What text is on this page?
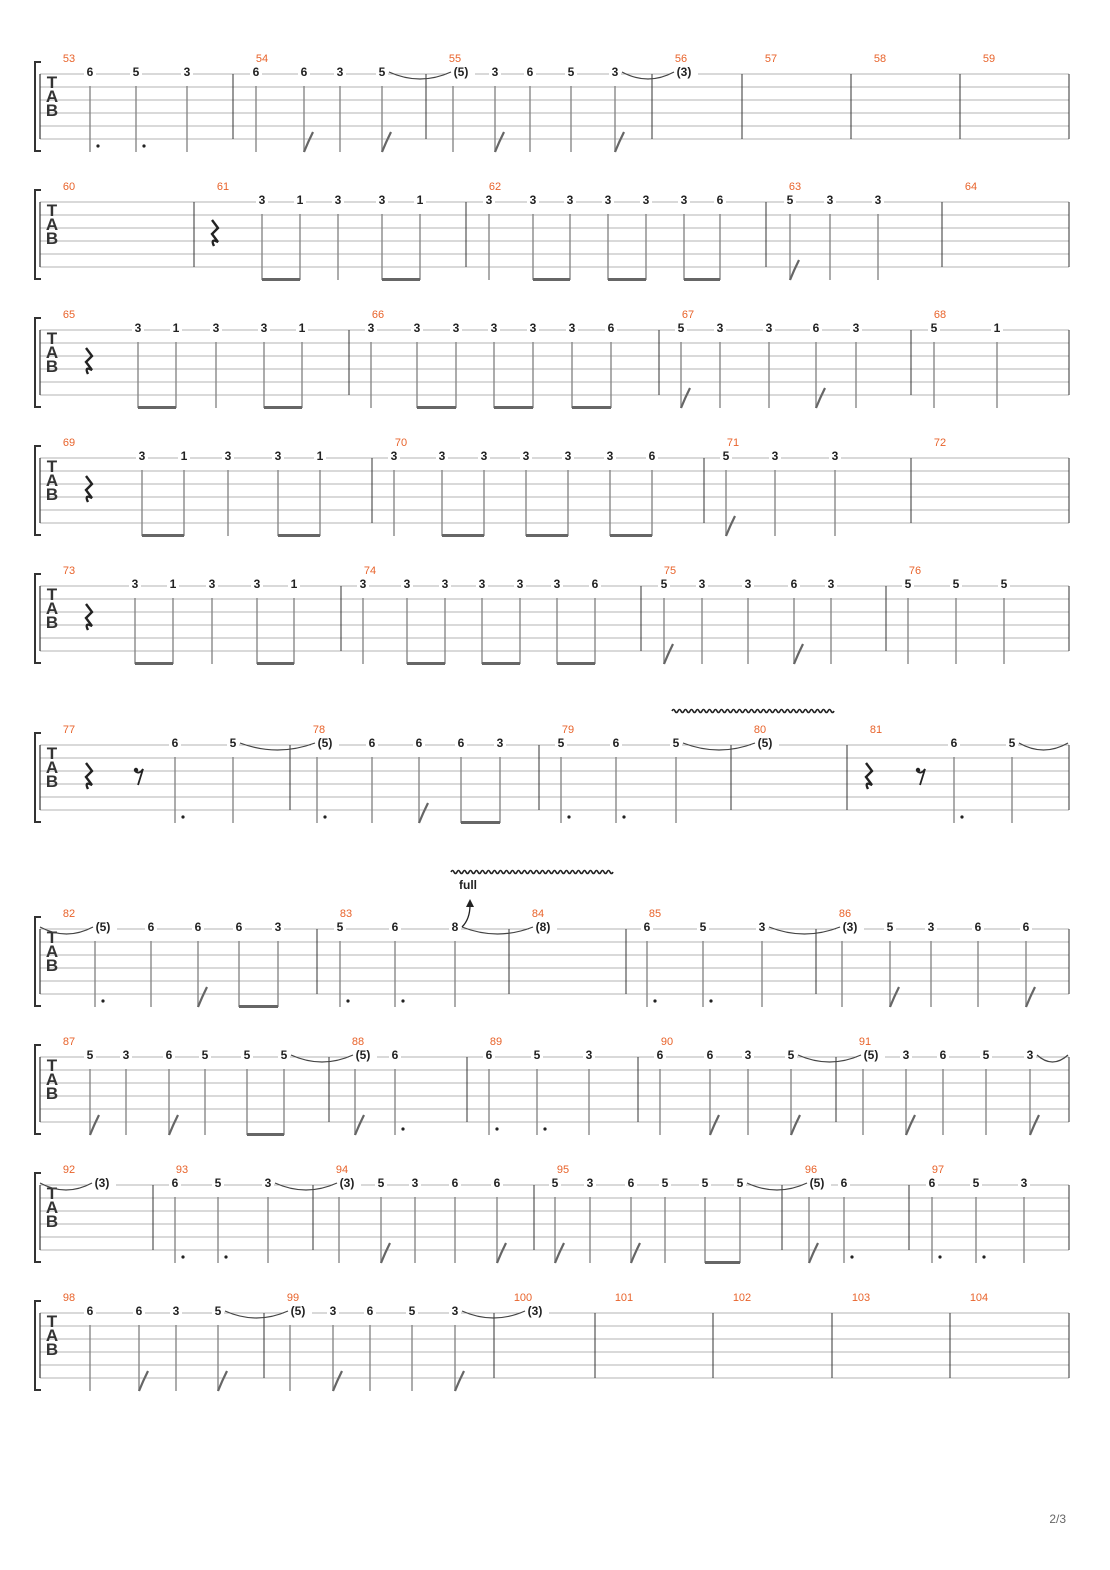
T
A
B
53
6	5	3
54
6	6 3	5
55
(5) 3 6	5	3
56
(3)
57	58	59
T
A
B
60	61
3	1	3	3	1
62
3	3	3	3	3	3 6
63
5	3	3
64
T
A
B
65
3	1	3	3	1
66
3	3	3	3	3	3	6
67
5	3	3	6	3
68
5	1
T
A
B
69
3	1	3	3	1
70
3	3	3	3	3	3	6
71
5	3	3
72
T
A
B
73
3	1	3	3	1
74
3	3	3	3	3	3	6
75
5	3	3	6	3
76
5	5	5
T
A
B
77
6	5
78
(5)	6	6	6	3
79
5	6	5
80
(5)
81
6	5
T
A
B
82
(5)	6	6	6	3
83
5	6	8
84
(8)
85
6	5	3
86
(3) 5	3	6	6
T
A
B
87
5 3	6 5	5	5
88
(5) 6
89
6	5	3
90
6	6	3	5
91
(5) 3	6	5	3
T
A
B
92
(3)
93
6	5	3
94
(3) 5 3	6	6
95
5 3	6 5	5 5
96
(5) 6
97
6	5	3
T
A
B
98
6	6	3	5
99
(5) 3	6	5	3
100
(3)
101	102	103	104
full
2/3
